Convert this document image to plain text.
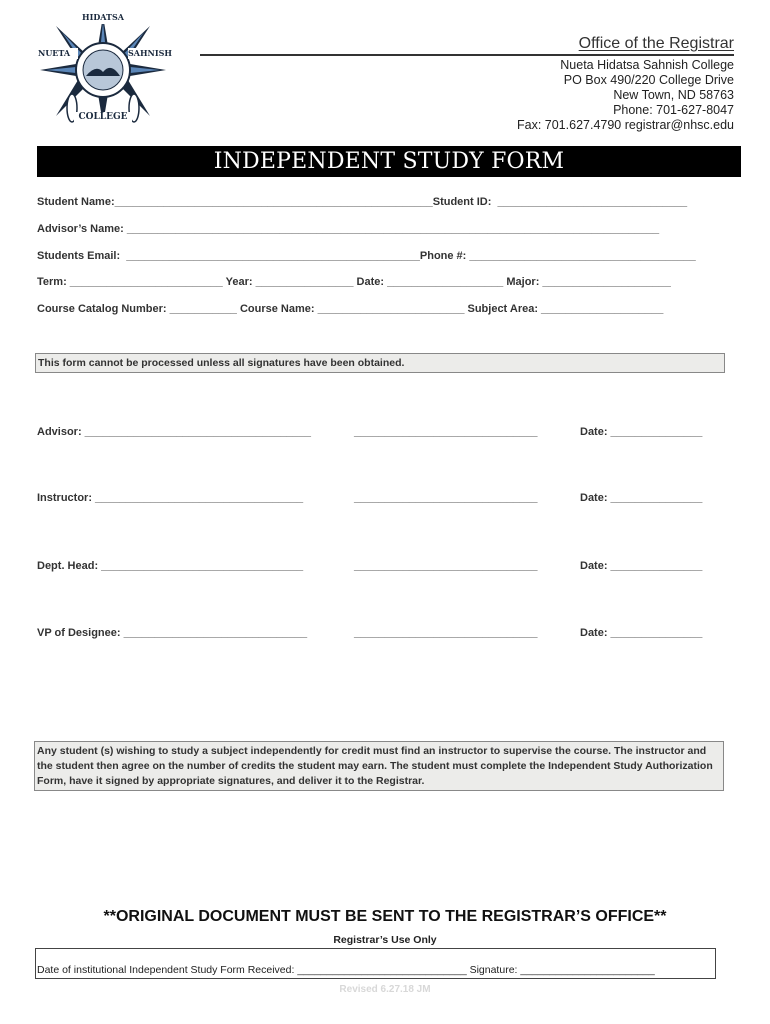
HIDATSA
NUETA	SAHNISH
COLLEGE
Office of the Registrar
Nueta Hidatsa Sahnish College
PO Box 490/220 College Drive
New Town, ND 58763
Phone: 701-627-8047
Fax: 701.627.4790 registrar@nhsc.edu
INDEPENDENT STUDY FORM
Student Name:____________________________________________________Student ID:  _______________________________
Advisor’s Name: _______________________________________________________________________________________
Students Email:  ________________________________________________Phone #: _____________________________________
Term: _________________________ Year: ________________ Date: ___________________ Major: _____________________
Course Catalog Number: ___________ Course Name: ________________________ Subject Area: ____________________
This form cannot be processed unless all signatures have been obtained.
Advisor: _____________________________________	______________________________	Date: _______________
Instructor: __________________________________	______________________________	Date: _______________
Dept. Head: _________________________________	______________________________	Date: _______________
VP of Designee: ______________________________	______________________________	Date: _______________
Any student (s) wishing to study a subject independently for credit must find an instructor to supervise the course. The instructor and the student then agree on the number of credits the student may earn. The student must complete the Independent Study Authorization Form, have it signed by appropriate signatures, and deliver it to the Registrar.
**ORIGINAL DOCUMENT MUST BE SENT TO THE REGISTRAR’S OFFICE**
Registrar’s Use Only
Date of institutional Independent Study Form Received: _____________________________ Signature: _______________________
Revised 6.27.18 JM
